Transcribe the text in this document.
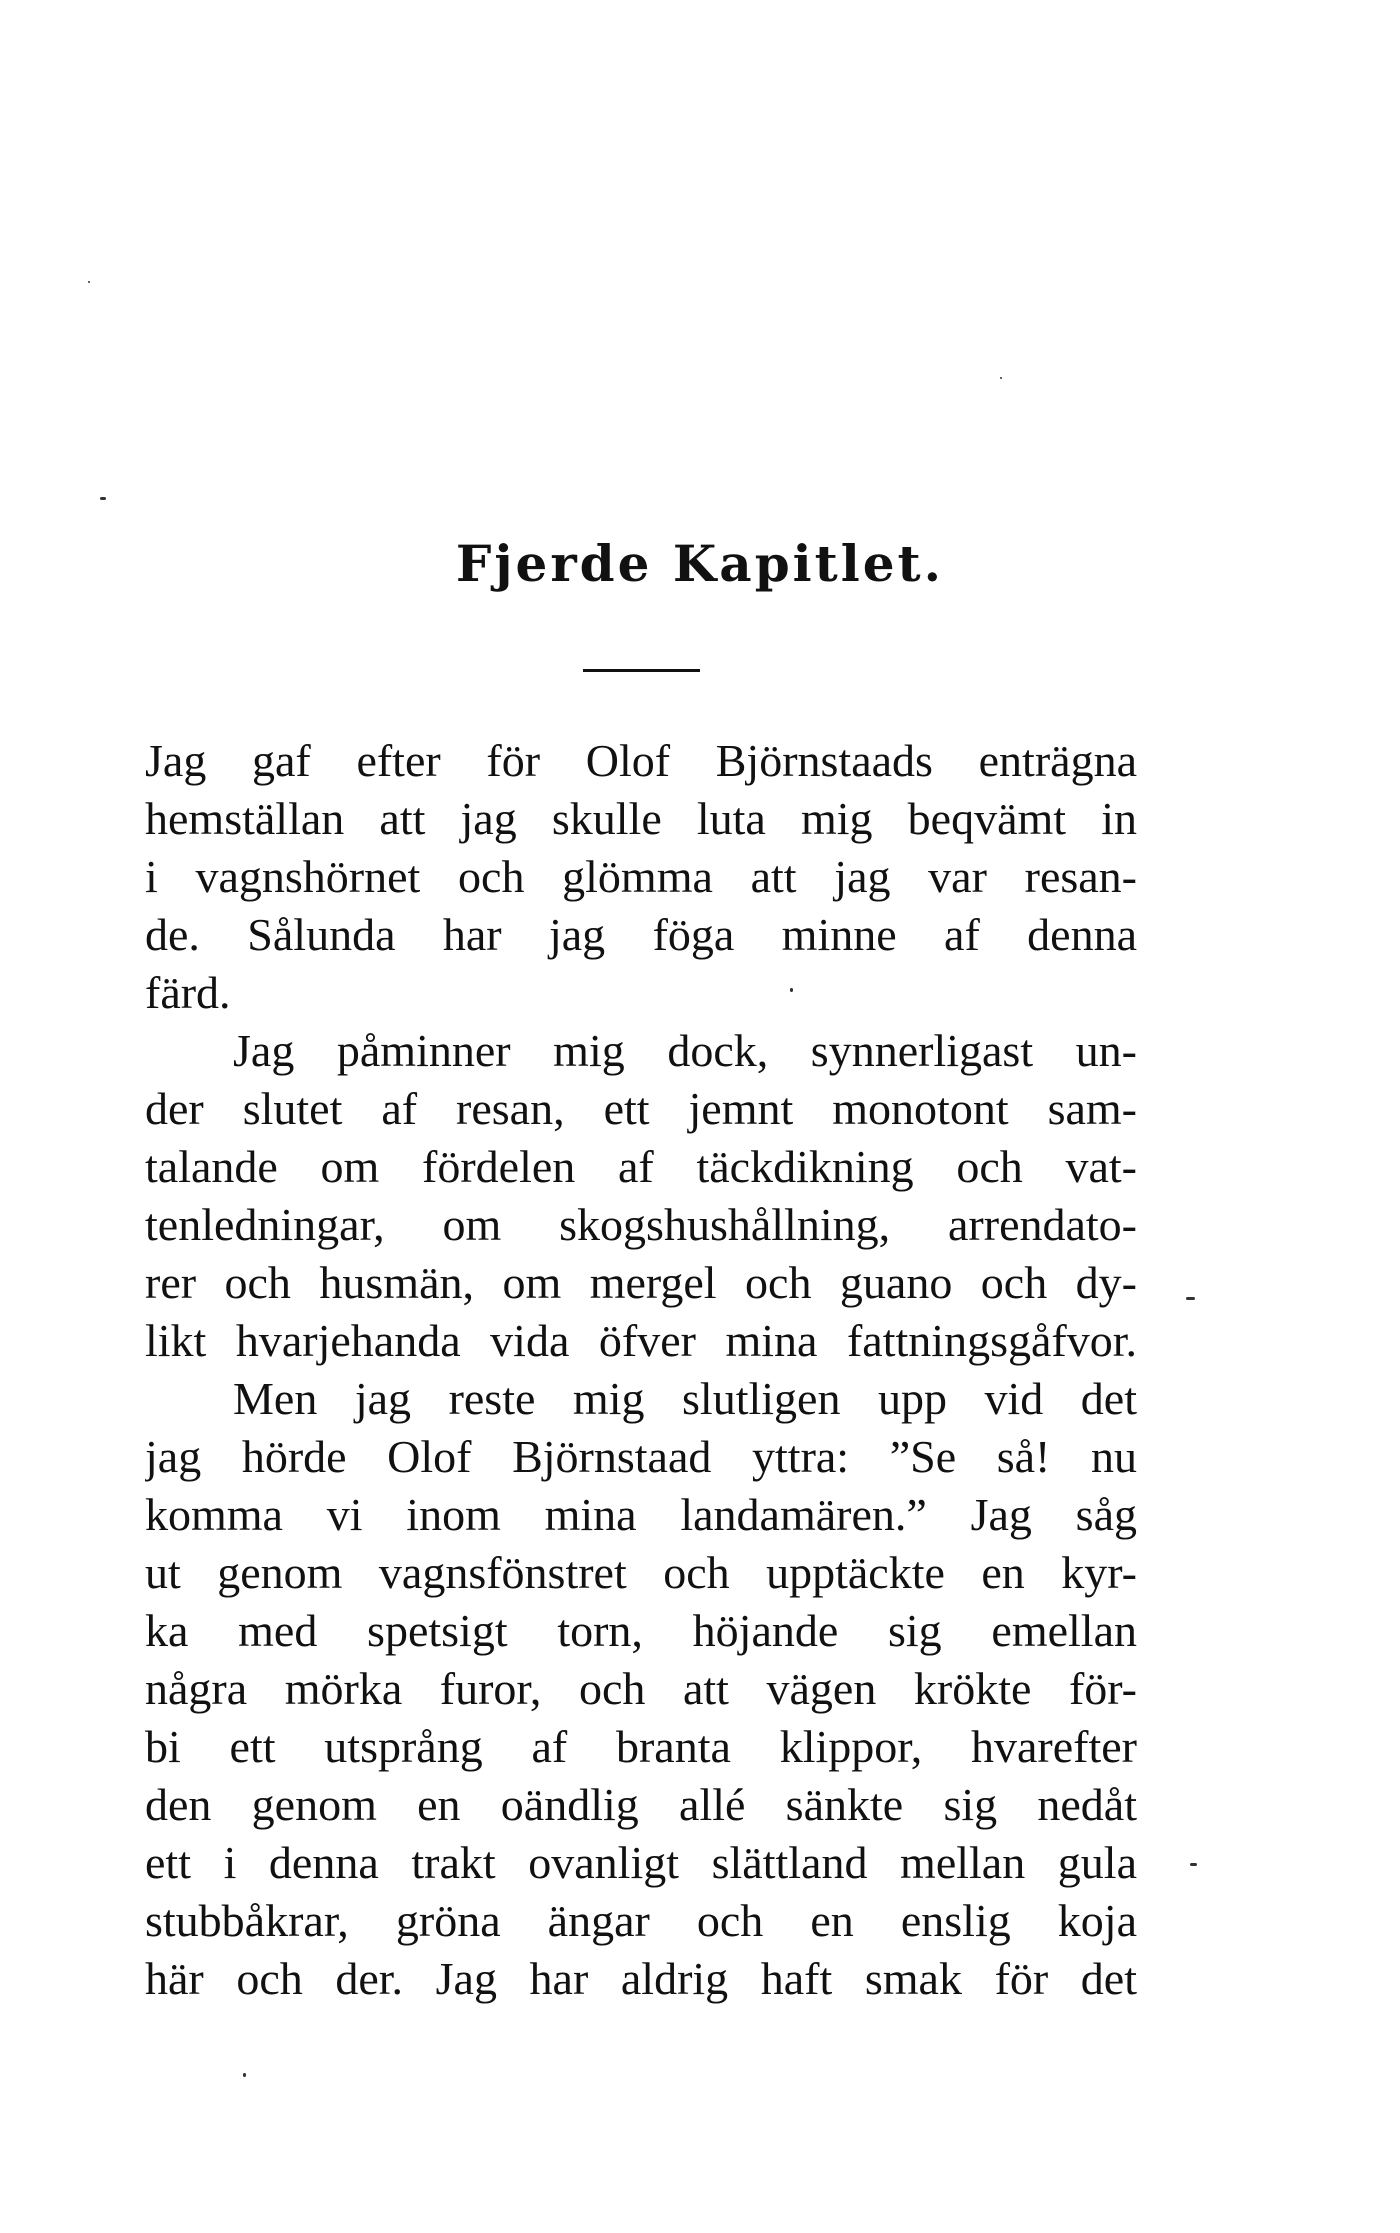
Fjerde Kapitlet.
Jag gaf efter för Olof Björnstaads enträgna
hemställan att jag skulle luta mig beqvämt in
i vagnshörnet och glömma att jag var resan-
de. Sålunda har jag föga minne af denna
färd.
Jag påminner mig dock, synnerligast un-
der slutet af resan, ett jemnt monotont sam-
talande om fördelen af täckdikning och vat-
tenledningar, om skogshushållning, arrendato-
rer och husmän, om mergel och guano och dy-
likt hvarjehanda vida öfver mina fattningsgåfvor.
Men jag reste mig slutligen upp vid det
jag hörde Olof Björnstaad yttra: ”Se så! nu
komma vi inom mina landamären.” Jag såg
ut genom vagnsfönstret och upptäckte en kyr-
ka med spetsigt torn, höjande sig emellan
några mörka furor, och att vägen krökte för-
bi ett utsprång af branta klippor, hvarefter
den genom en oändlig allé sänkte sig nedåt
ett i denna trakt ovanligt slättland mellan gula
stubbåkrar, gröna ängar och en enslig koja
här och der. Jag har aldrig haft smak för det
